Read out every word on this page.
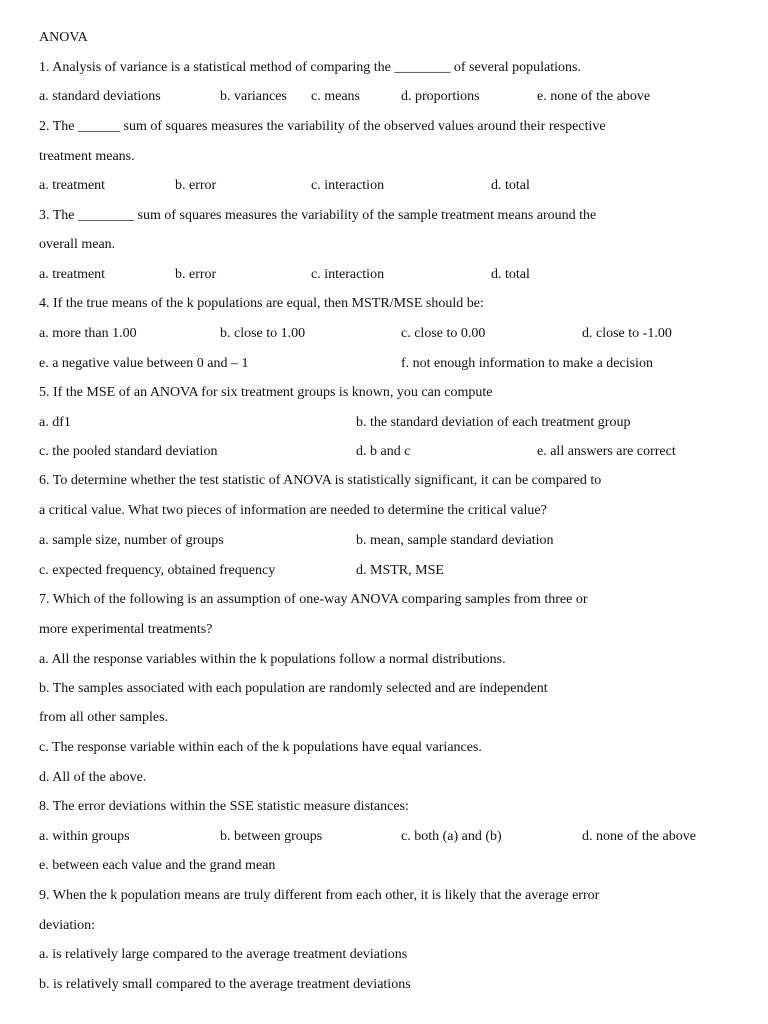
ANOVA
1. Analysis of variance is a statistical method of comparing the ________ of several populations.
a. standard deviations	b. variances c. means	d. proportions	e. none of the above
2. The ______ sum of squares measures the variability of the observed values around their respective
treatment means.
a. treatment	b. error	c. interaction	d. total
3. The ________ sum of squares measures the variability of the sample treatment means around the
overall mean.
a. treatment	b. error	c. interaction	d. total
4. If the true means of the k populations are equal, then MSTR/MSE should be:
a. more than 1.00	b. close to 1.00	c. close to 0.00	d. close to -1.00
e. a negative value between 0 and – 1	f. not enough information to make a decision
5. If the MSE of an ANOVA for six treatment groups is known, you can compute
a. df1	b. the standard deviation of each treatment group
c. the pooled standard deviation	d. b and c	e. all answers are correct
6. To determine whether the test statistic of ANOVA is statistically significant, it can be compared to
a critical value. What two pieces of information are needed to determine the critical value?
a. sample size, number of groups	b. mean, sample standard deviation
c. expected frequency, obtained frequency	d. MSTR, MSE
7. Which of the following is an assumption of one-way ANOVA comparing samples from three or
more experimental treatments?
a. All the response variables within the k populations follow a normal distributions.
b. The samples associated with each population are randomly selected and are independent
from all other samples.
c. The response variable within each of the k populations have equal variances.
d. All of the above.
8. The error deviations within the SSE statistic measure distances:
a. within groups	b. between groups	c. both (a) and (b)	d. none of the above
e. between each value and the grand mean
9. When the k population means are truly different from each other, it is likely that the average error
deviation:
a. is relatively large compared to the average treatment deviations
b. is relatively small compared to the average treatment deviations
